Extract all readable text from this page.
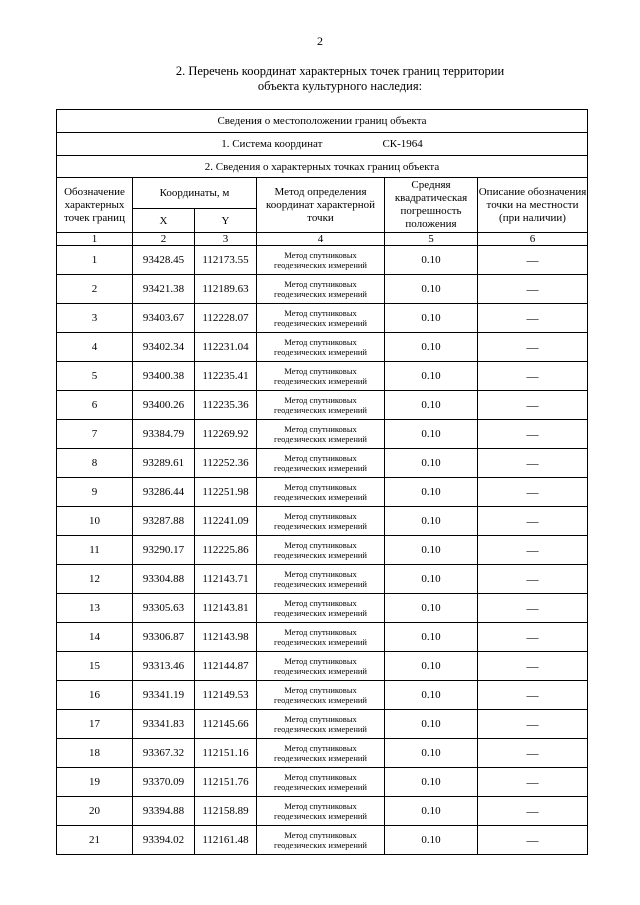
2
2. Перечень координат характерных точек границ территории
объекта культурного наследия:
Сведения о местоположении границ объекта					
1. Система координат СК-1964					
2. Сведения о характерных точках границ объекта					
Обозначение характерных точек границ	Координаты, м		Метод определения координат характерной точки	Средняя квадратическая погрешность положения	Описание обозначения точки на местности (при наличии)
	X	Y			
1	2	3	4	5	6
1	93428.45	112173.55	Метод спутниковых геодезических измерений	0.10	—
2	93421.38	112189.63	Метод спутниковых геодезических измерений	0.10	—
3	93403.67	112228.07	Метод спутниковых геодезических измерений	0.10	—
4	93402.34	112231.04	Метод спутниковых геодезических измерений	0.10	—
5	93400.38	112235.41	Метод спутниковых геодезических измерений	0.10	—
6	93400.26	112235.36	Метод спутниковых геодезических измерений	0.10	—
7	93384.79	112269.92	Метод спутниковых геодезических измерений	0.10	—
8	93289.61	112252.36	Метод спутниковых геодезических измерений	0.10	—
9	93286.44	112251.98	Метод спутниковых геодезических измерений	0.10	—
10	93287.88	112241.09	Метод спутниковых геодезических измерений	0.10	—
11	93290.17	112225.86	Метод спутниковых геодезических измерений	0.10	—
12	93304.88	112143.71	Метод спутниковых геодезических измерений	0.10	—
13	93305.63	112143.81	Метод спутниковых геодезических измерений	0.10	—
14	93306.87	112143.98	Метод спутниковых геодезических измерений	0.10	—
15	93313.46	112144.87	Метод спутниковых геодезических измерений	0.10	—
16	93341.19	112149.53	Метод спутниковых геодезических измерений	0.10	—
17	93341.83	112145.66	Метод спутниковых геодезических измерений	0.10	—
18	93367.32	112151.16	Метод спутниковых геодезических измерений	0.10	—
19	93370.09	112151.76	Метод спутниковых геодезических измерений	0.10	—
20	93394.88	112158.89	Метод спутниковых геодезических измерений	0.10	—
21	93394.02	112161.48	Метод спутниковых геодезических измерений	0.10	—
